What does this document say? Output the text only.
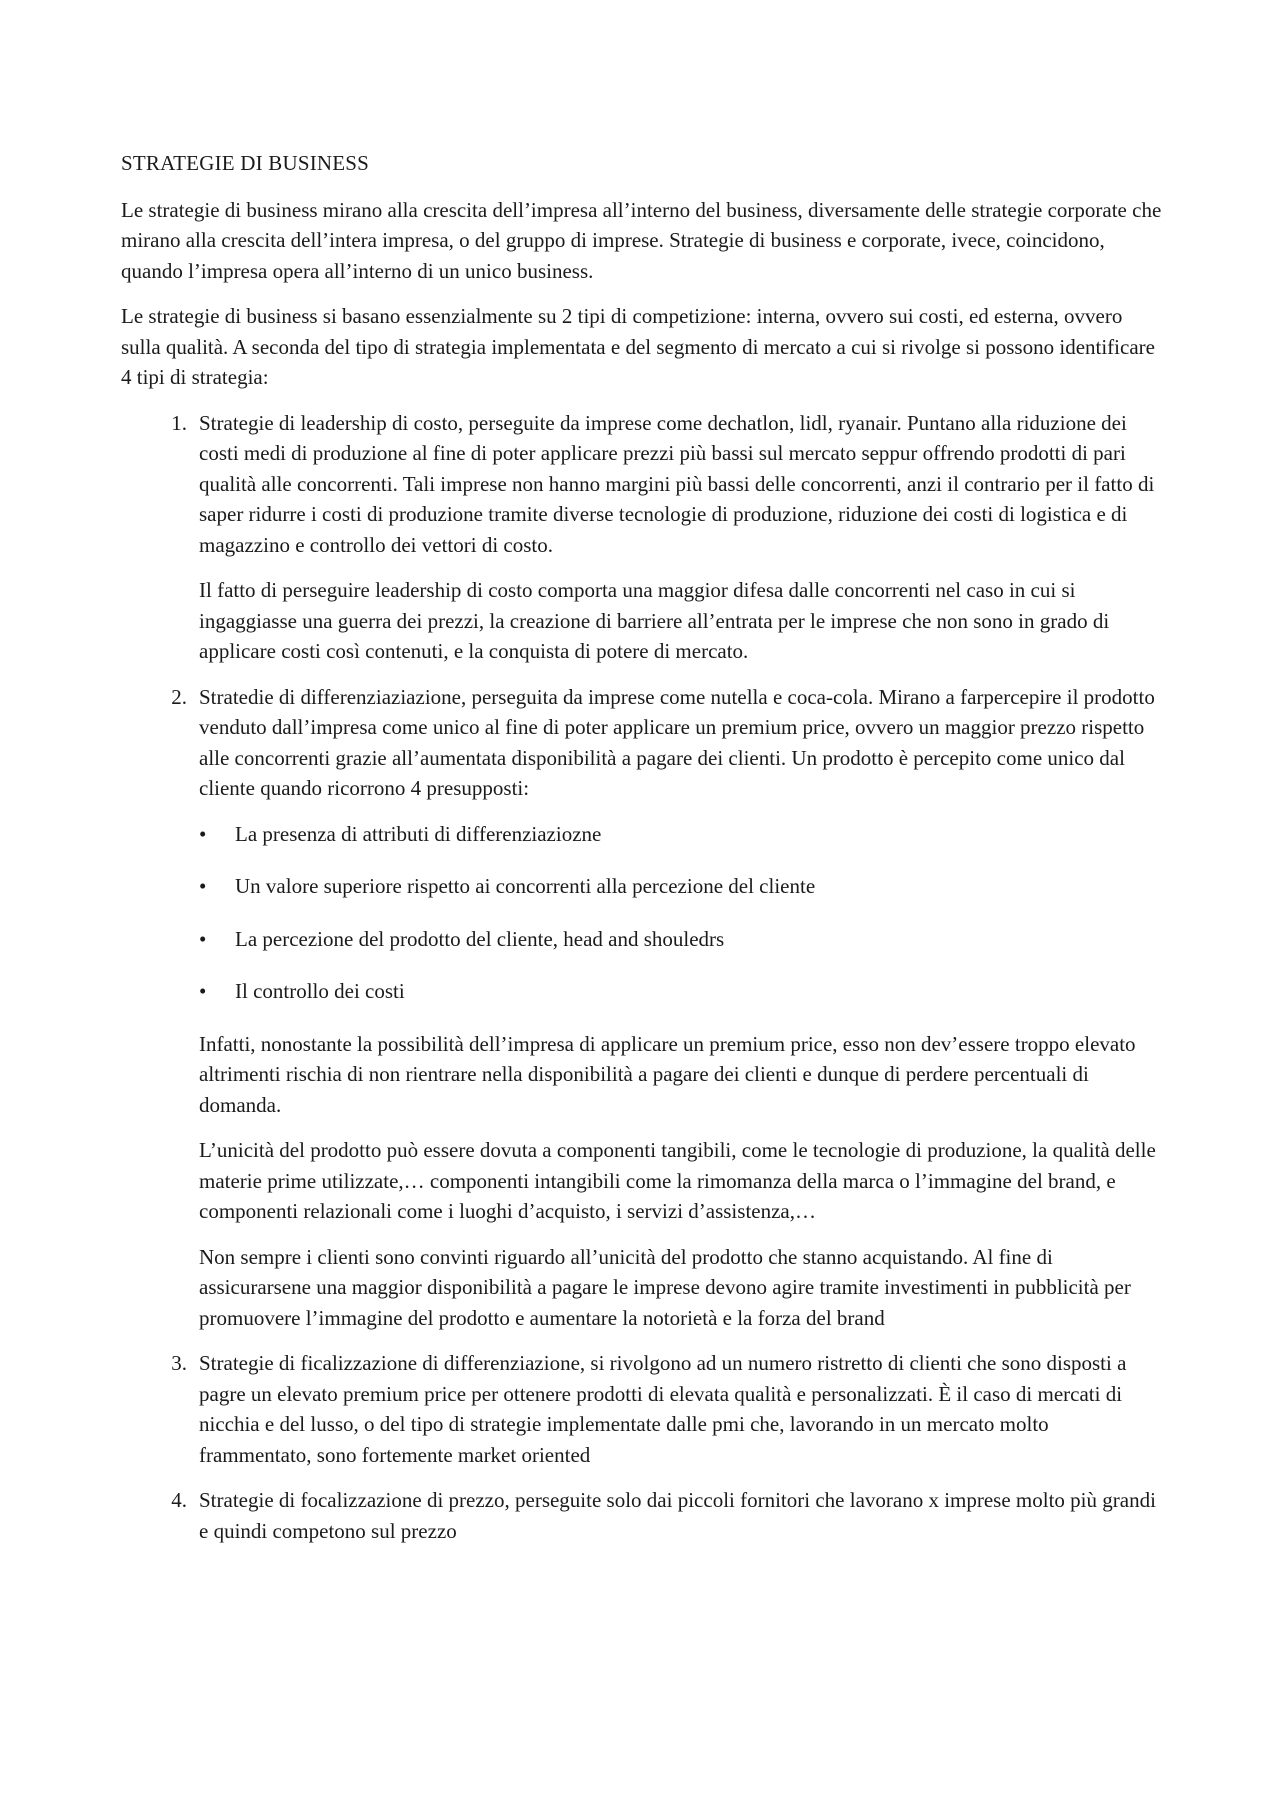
STRATEGIE DI BUSINESS

Le strategie di business mirano alla crescita dell’impresa all’interno del business, diversamente delle strategie corporate che mirano alla crescita dell’intera impresa, o del gruppo di imprese. Strategie di business e corporate, ivece, coincidono, quando l’impresa opera all’interno di un unico business.

Le strategie di business si basano essenzialmente su 2 tipi di competizione: interna, ovvero sui costi, ed esterna, ovvero sulla qualità. A seconda del tipo di strategia implementata e del segmento di mercato a cui si rivolge si possono identificare 4 tipi di strategia:

1. Strategie di leadership di costo, perseguite da imprese come dechatlon, lidl, ryanair. Puntano alla riduzione dei costi medi di produzione al fine di poter applicare prezzi più bassi sul mercato seppur offrendo prodotti di pari qualità alle concorrenti. Tali imprese non hanno margini più bassi delle concorrenti, anzi il contrario per il fatto di saper ridurre i costi di produzione tramite diverse tecnologie di produzione, riduzione dei costi di logistica e di magazzino e controllo dei vettori di costo.
Il fatto di perseguire leadership di costo comporta una maggior difesa dalle concorrenti nel caso in cui si ingaggiasse una guerra dei prezzi, la creazione di barriere all’entrata per le imprese che non sono in grado di applicare costi così contenuti, e la conquista di potere di mercato.
2. Stratedie di differenziaziazione, perseguita da imprese come nutella e coca-cola. Mirano a farpercepire il prodotto venduto dall’impresa come unico al fine di poter applicare un premium price, ovvero un maggior prezzo rispetto alle concorrenti grazie all’aumentata disponibilità a pagare dei clienti. Un prodotto è percepito come unico dal cliente quando ricorrono 4 presupposti:
• La presenza di attributi di differenziaziozne
• Un valore superiore rispetto ai concorrenti alla percezione del cliente
• La percezione del prodotto del cliente, head and shouledrs
• Il controllo dei costi

Infatti, nonostante la possibilità dell’impresa di applicare un premium price, esso non dev’essere troppo elevato altrimenti rischia di non rientrare nella disponibilità a pagare dei clienti e dunque di perdere percentuali di domanda.

L’unicità del prodotto può essere dovuta a componenti tangibili, come le tecnologie di produzione, la qualità delle materie prime utilizzate,… componenti intangibili come la rimomanza della marca o l’immagine del brand, e componenti relazionali come i luoghi d’acquisto, i servizi d’assistenza,…

Non sempre i clienti sono convinti riguardo all’unicità del prodotto che stanno acquistando. Al fine di assicurarsene una maggior disponibilità a pagare le imprese devono agire tramite investimenti in pubblicità per promuovere l’immagine del prodotto e aumentare la notorietà e la forza del brand

3. Strategie di ficalizzazione di differenziazione, si rivolgono ad un numero ristretto di clienti che sono disposti a pagre un elevato premium price per ottenere prodotti di elevata qualità e personalizzati. È il caso di mercati di nicchia e del lusso, o del tipo di strategie implementate dalle pmi che, lavorando in un mercato molto frammentato, sono fortemente market oriented
4. Strategie di focalizzazione di prezzo, perseguite solo dai piccoli fornitori che lavorano x imprese molto più grandi e quindi competono sul prezzo
